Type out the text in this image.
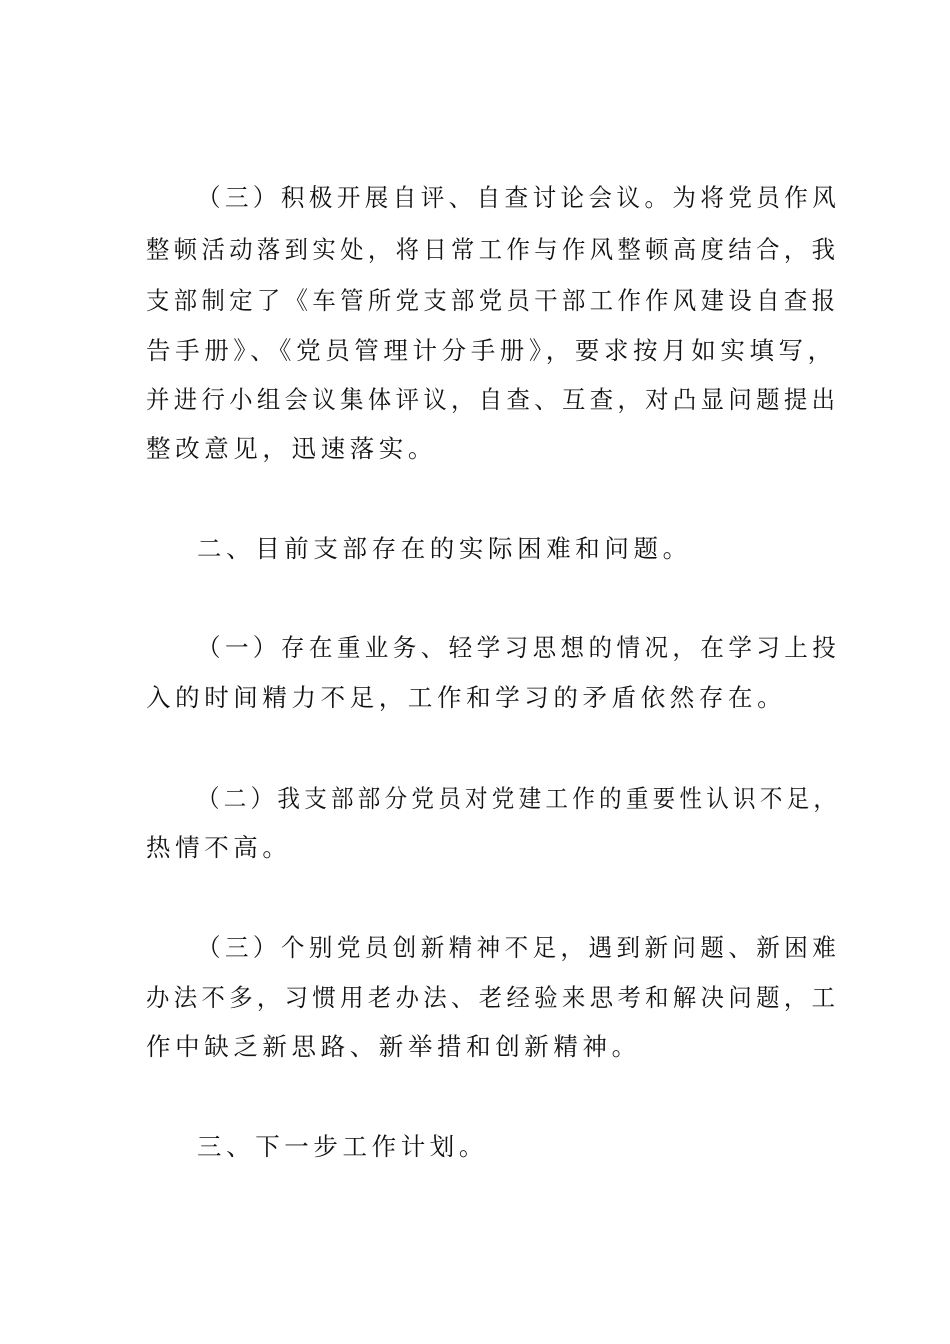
（三）积极开展自评、自查讨论会议。为将党员作风
整顿活动落到实处，将日常工作与作风整顿高度结合，我
支部制定了《车管所党支部党员干部工作作风建设自查报
告手册》、《党员管理计分手册》，要求按月如实填写，
并进行小组会议集体评议，自查、互查，对凸显问题提出
整改意见，迅速落实。
二、目前支部存在的实际困难和问题。
（一）存在重业务、轻学习思想的情况，在学习上投
入的时间精力不足，工作和学习的矛盾依然存在。
（二）我支部部分党员对党建工作的重要性认识不足，
热情不高。
（三）个别党员创新精神不足，遇到新问题、新困难
办法不多，习惯用老办法、老经验来思考和解决问题，工
作中缺乏新思路、新举措和创新精神。
三、下一步工作计划。
